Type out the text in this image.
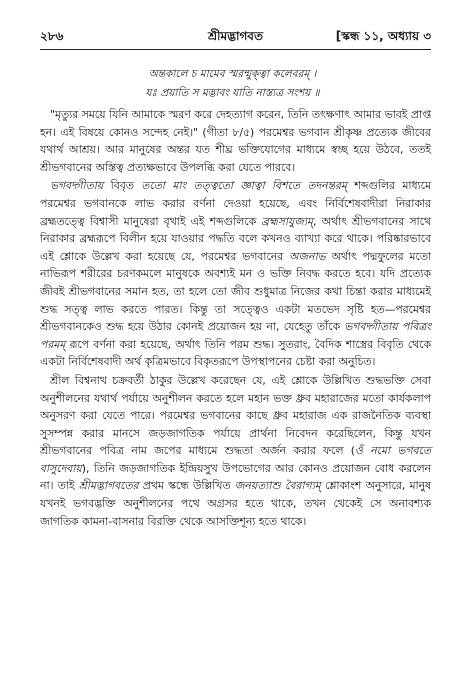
২৮৬	শ্রীমদ্ভাগবত	[স্কন্ধ ১১, অধ্যায় ৩
অন্তকালে চ মামেব স্মরন্মুক্ত্বা কলেবরম্ ।
যঃ প্রয়াতি স মদ্ভাবং যাতি নাস্ত্যত্র সংশয় ॥

"মৃত্যুর সময়ে যিনি আমাকে স্মরণ করে দেহত্যাগ করেন, তিনি তৎক্ষণাৎ আমার ভাবই প্রাপ্ত হন। এই বিষয়ে কোনও সন্দেহ নেই।" (গীতা ৮/৫) পরমেশ্বর ভগবান শ্রীকৃষ্ণ প্রত্যেক জীবের যথার্থ আশ্রয়। আর মানুষের অন্তর যত শীঘ্র ভক্তিযোগের মাধ্যমে স্বচ্ছ হয়ে উঠবে, ততই শ্রীভগবানের অস্তিত্ব প্রত্যক্ষভাবে উপলব্ধি করা যেতে পারবে।

ভগবদ্গীতায় বিবৃত ততো মাং তত্ত্বতো জ্ঞাত্বা বিশতে তদনন্তরম্ শব্দগুলির মাধ্যমে পরমেশ্বর ভগবানকে লাভ করার বর্ণনা দেওয়া হয়েছে, এবং নির্বিশেষবাদীরা নিরাকার ব্রহ্মতত্ত্বে বিশ্বাসী মানুষেরা বৃথাই এই শব্দগুলিকে ব্রহ্মসাযুজ্যম্, অর্থাৎ শ্রীভগবানের সাথে নিরাকার ব্রহ্মরূপে বিলীন হয়ে যাওয়ার পদ্ধতি বলে কখনও ব্যাখ্যা করে থাকে। পরিষ্কারভাবে এই শ্লোকে উল্লেখ করা হয়েছে যে, পরমেশ্বর ভগবানের অজনাভ অর্থাৎ পদ্মফুলের মতো নাভিরূপ শরীরের চরণকমলে মানুষকে অবশ্যই মন ও ভক্তি নিবদ্ধ করতে হবে। যদি প্রত্যেক জীবই শ্রীভগবানের সমান হত, তা হলে তো জীব শুধুমাত্র নিজের কথা চিন্তা করার মাধ্যমেই শুদ্ধ সত্ত্ব লাভ করতে পারত। কিন্তু তা সত্ত্বেও একটা মতভেদ সৃষ্টি হত—পরমেশ্বর শ্রীভগবানকেও শুদ্ধ হয়ে উঠার কোনই প্রয়োজন হয় না, যেহেতু তাঁকে ভগবদ্গীতায় পবিত্রং পরমম্ রূপে বর্ণনা করা হয়েছে, অর্থাৎ তিনি পরম শুদ্ধ। সুতরাং, বৈদিক শাস্ত্রের বিবৃতি থেকে একটা নির্বিশেষবাদী অর্থ কৃত্রিমভাবে বিকৃতরূপে উপস্থাপনের চেষ্টা করা অনুচিত।

শ্রীল বিশ্বনাথ চক্রবর্তী ঠাকুর উল্লেখ করেছেন যে, এই শ্লোকে উল্লিখিত শুদ্ধভক্তি সেবা অনুশীলনের যথার্থ পর্যায়ে অনুশীলন করতে হলে মহান ভক্ত ধ্রুব মহারাজের মতো কার্যকলাপ অনুসরণ করা যেতে পারে। পরমেশ্বর ভগবানের কাছে ধ্রুব মহারাজ এক রাজনৈতিক ব্যবস্থা সুসম্পন্ন করার মানসে জড়জাগতিক পর্যায়ে প্রার্থনা নিবেদন করেছিলেন, কিন্তু যখন শ্রীভগবানের পবিত্র নাম জপের মাধ্যমে শুদ্ধতা অর্জন করার ফলে (ওঁ নমো ভগবতে বাসুদেবায়), তিনি জড়জাগতিক ইন্দ্রিয়সুখ উপভোগের আর কোনও প্রয়োজন বোধ করলেন না। তাই শ্রীমদ্ভাগবতের প্রথম স্কন্ধে উল্লিখিত জনয়ত্যাশু বৈরাগ্যম্ শ্লোকাংশ অনুসারে, মানুষ যখনই ভগবদ্ভক্তি অনুশীলনের পথে অগ্রসর হতে থাকে, তখন থেকেই সে অনাবশ্যক জাগতিক কামনা-বাসনার বিরক্তি থেকে আসক্তিশূন্য হতে থাকে।
